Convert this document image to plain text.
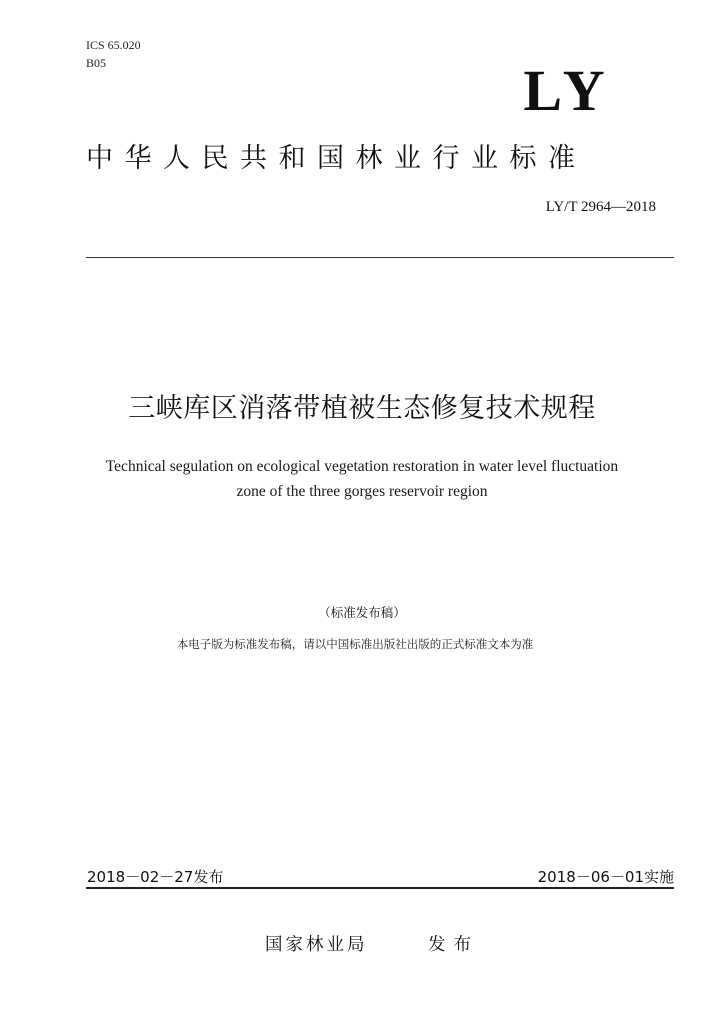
ICS 65.020
B05	LY
中华人民共和国林业行业标准
LY/T 2964—2018
三峡库区消落带植被生态修复技术规程
Technical segulation on ecological vegetation restoration in water level fluctuation
zone of the three gorges reservoir region
（标准发布稿）
本电子版为标准发布稿，请以中国标准出版社出版的正式标准文本为准
2018－02－27发布	2018－06－01实施
国家林业局	发布
